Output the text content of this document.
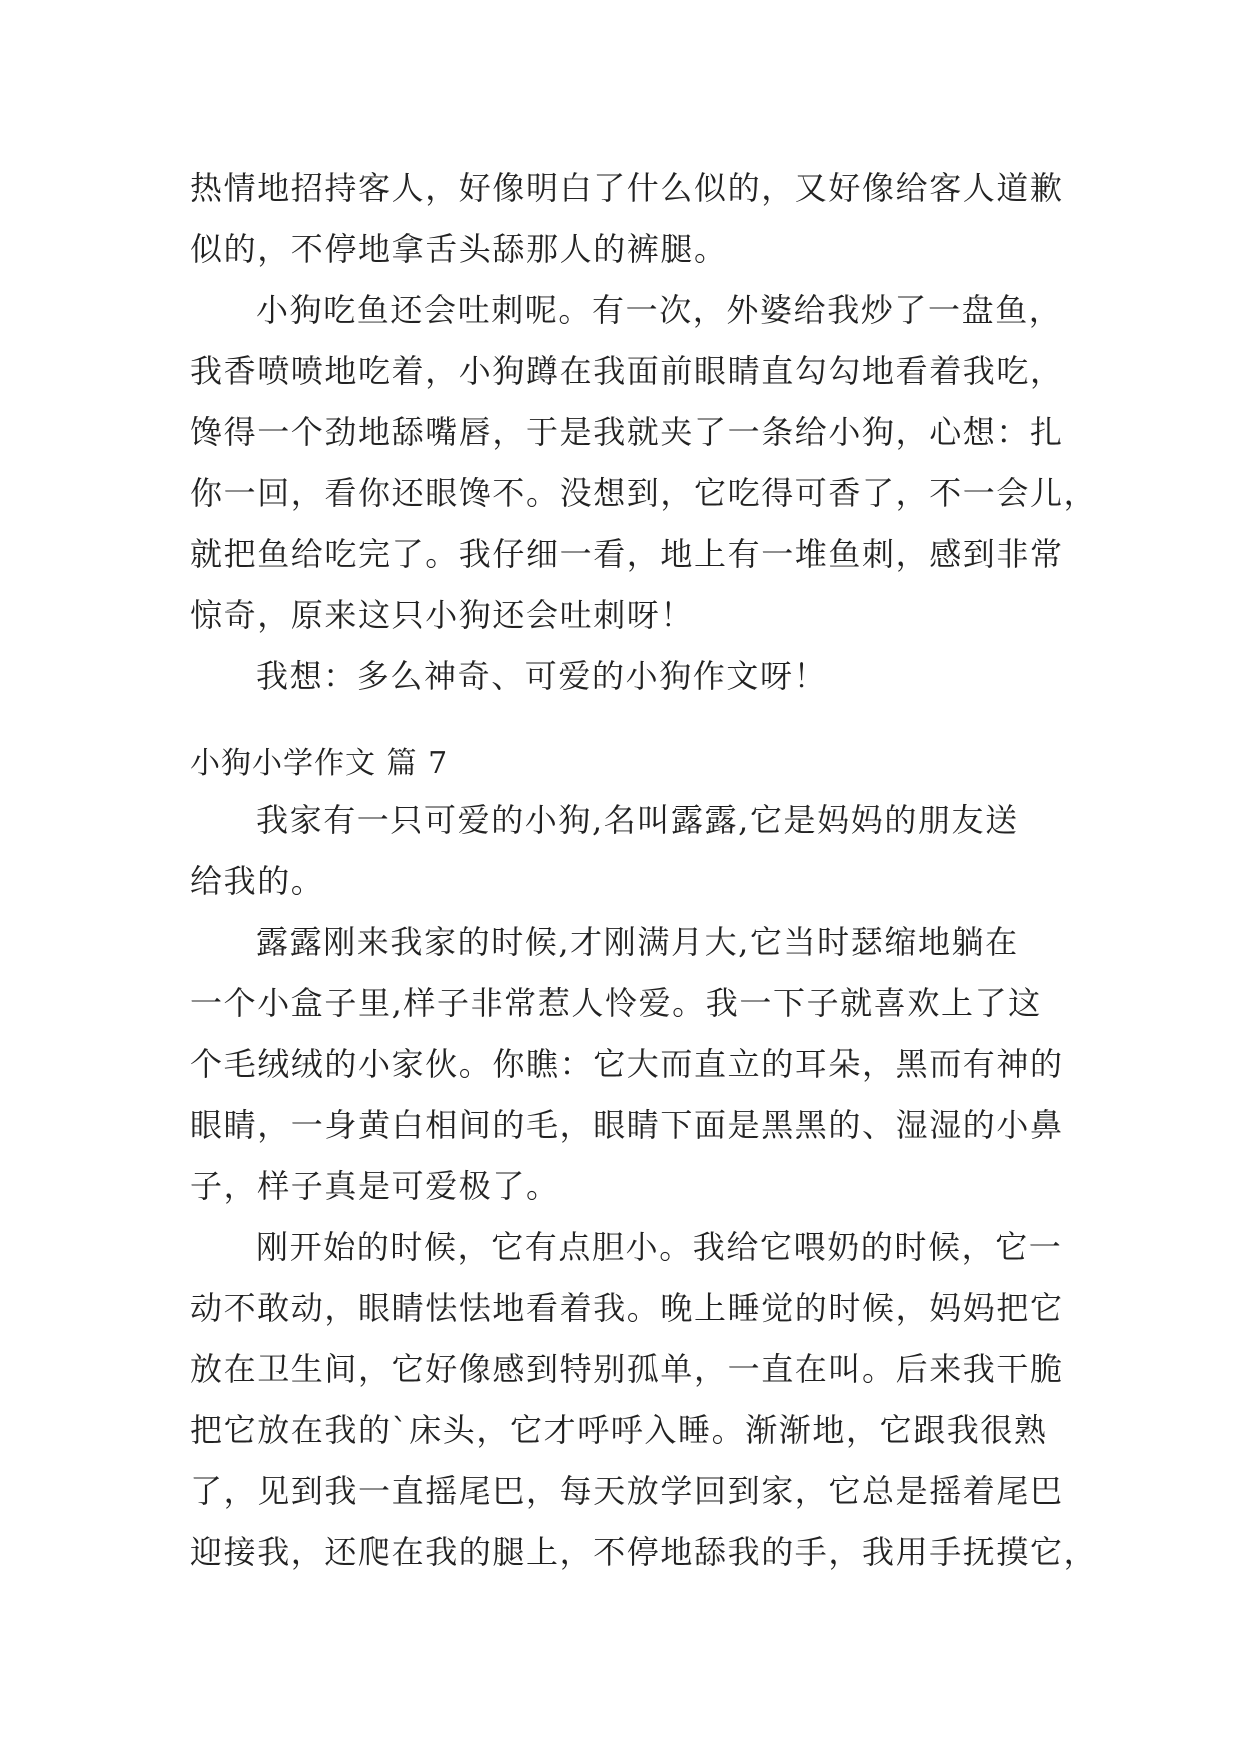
热情地招持客人，好像明白了什么似的，又好像给客人道歉
似的，不停地拿舌头舔那人的裤腿。
小狗吃鱼还会吐刺呢。有一次，外婆给我炒了一盘鱼，
我香喷喷地吃着，小狗蹲在我面前眼睛直勾勾地看着我吃，
馋得一个劲地舔嘴唇，于是我就夹了一条给小狗，心想：扎
你一回，看你还眼馋不。没想到，它吃得可香了，不一会儿，
就把鱼给吃完了。我仔细一看，地上有一堆鱼刺，感到非常
惊奇，原来这只小狗还会吐刺呀！
我想：多么神奇、可爱的小狗作文呀！
小狗小学作文 篇 7
我家有一只可爱的小狗,名叫露露,它是妈妈的朋友送
给我的。
露露刚来我家的时候,才刚满月大,它当时瑟缩地躺在
一个小盒子里,样子非常惹人怜爱。我一下子就喜欢上了这
个毛绒绒的小家伙。你瞧：它大而直立的耳朵，黑而有神的
眼睛，一身黄白相间的毛，眼睛下面是黑黑的、湿湿的小鼻
子，样子真是可爱极了。
刚开始的时候，它有点胆小。我给它喂奶的时候，它一
动不敢动，眼睛怯怯地看着我。晚上睡觉的时候，妈妈把它
放在卫生间，它好像感到特别孤单，一直在叫。后来我干脆
把它放在我的`床头，它才呼呼入睡。渐渐地，它跟我很熟
了，见到我一直摇尾巴，每天放学回到家，它总是摇着尾巴
迎接我，还爬在我的腿上，不停地舔我的手，我用手抚摸它，
